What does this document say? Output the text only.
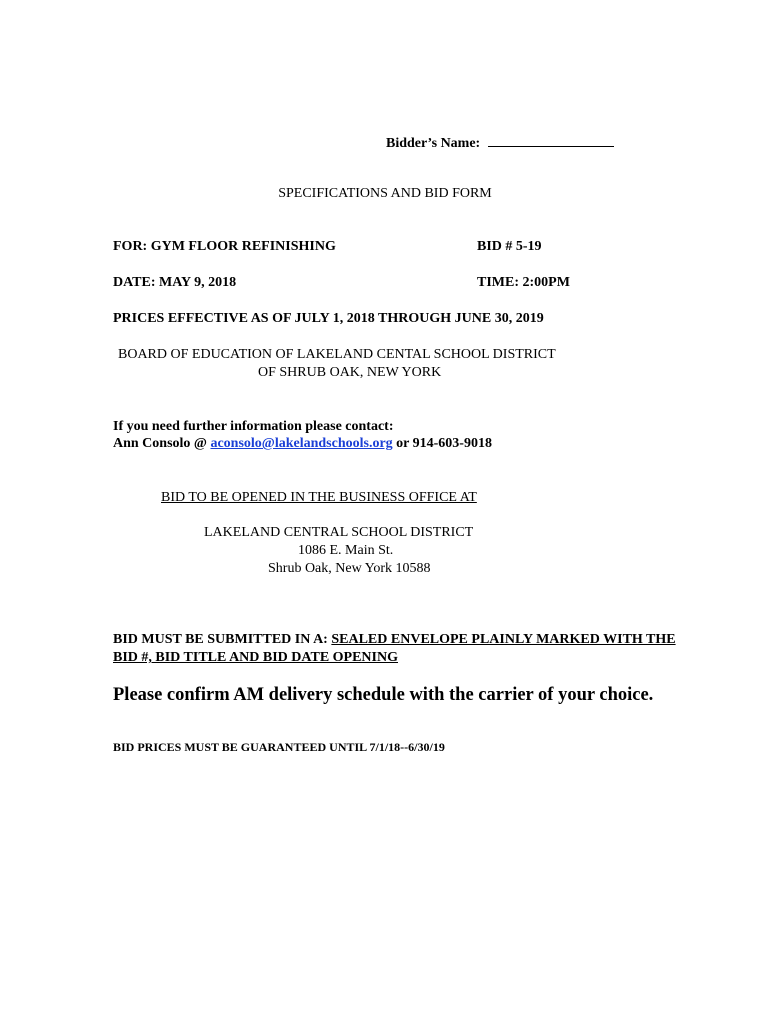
Bidder’s Name:
SPECIFICATIONS AND BID FORM
FOR: GYM FLOOR REFINISHING	BID # 5-19
DATE: MAY 9, 2018	TIME: 2:00PM
PRICES EFFECTIVE AS OF JULY 1, 2018 THROUGH JUNE 30, 2019
BOARD OF EDUCATION OF LAKELAND CENTAL SCHOOL DISTRICT
OF SHRUB OAK, NEW YORK
If you need further information please contact:
Ann Consolo @ aconsolo@lakelandschools.org or 914-603-9018
BID TO BE OPENED IN THE BUSINESS OFFICE AT
LAKELAND CENTRAL SCHOOL DISTRICT
1086 E. Main St.
Shrub Oak, New York 10588
BID MUST BE SUBMITTED IN A: SEALED ENVELOPE PLAINLY MARKED WITH THE
BID #, BID TITLE AND BID DATE OPENING
Please confirm AM delivery schedule with the carrier of your choice.
BID PRICES MUST BE GUARANTEED UNTIL 7/1/18--6/30/19
